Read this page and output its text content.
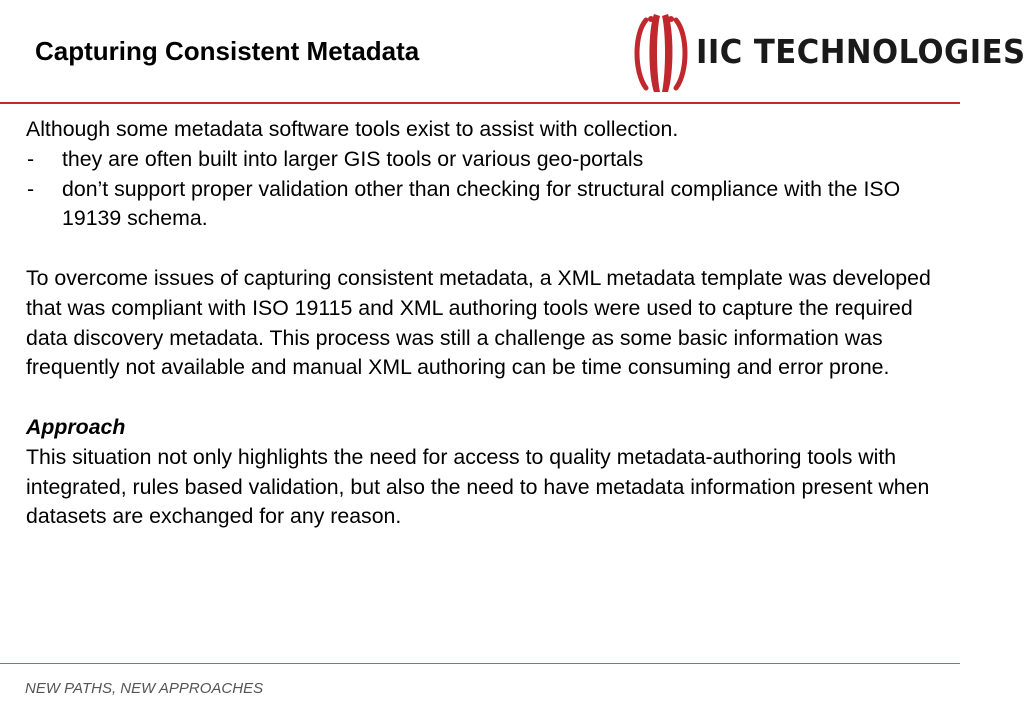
Capturing Consistent Metadata	IIC TECHNOLOGIES

Although some metadata software tools exist to assist with collection.

- they are often built into larger GIS tools or various geo-portals

- don’t support proper validation other than checking for structural compliance with the ISO 19139 schema.

To overcome issues of capturing consistent metadata, a XML metadata template was developed that was compliant with ISO 19115 and XML authoring tools were used to capture the required data discovery metadata. This process was still a challenge as some basic information was frequently not available and manual XML authoring can be time consuming and error prone.

Approach

This situation not only highlights the need for access to quality metadata-authoring tools with integrated, rules based validation, but also the need to have metadata information present when datasets are exchanged for any reason.

NEW PATHS, NEW APPROACHES
